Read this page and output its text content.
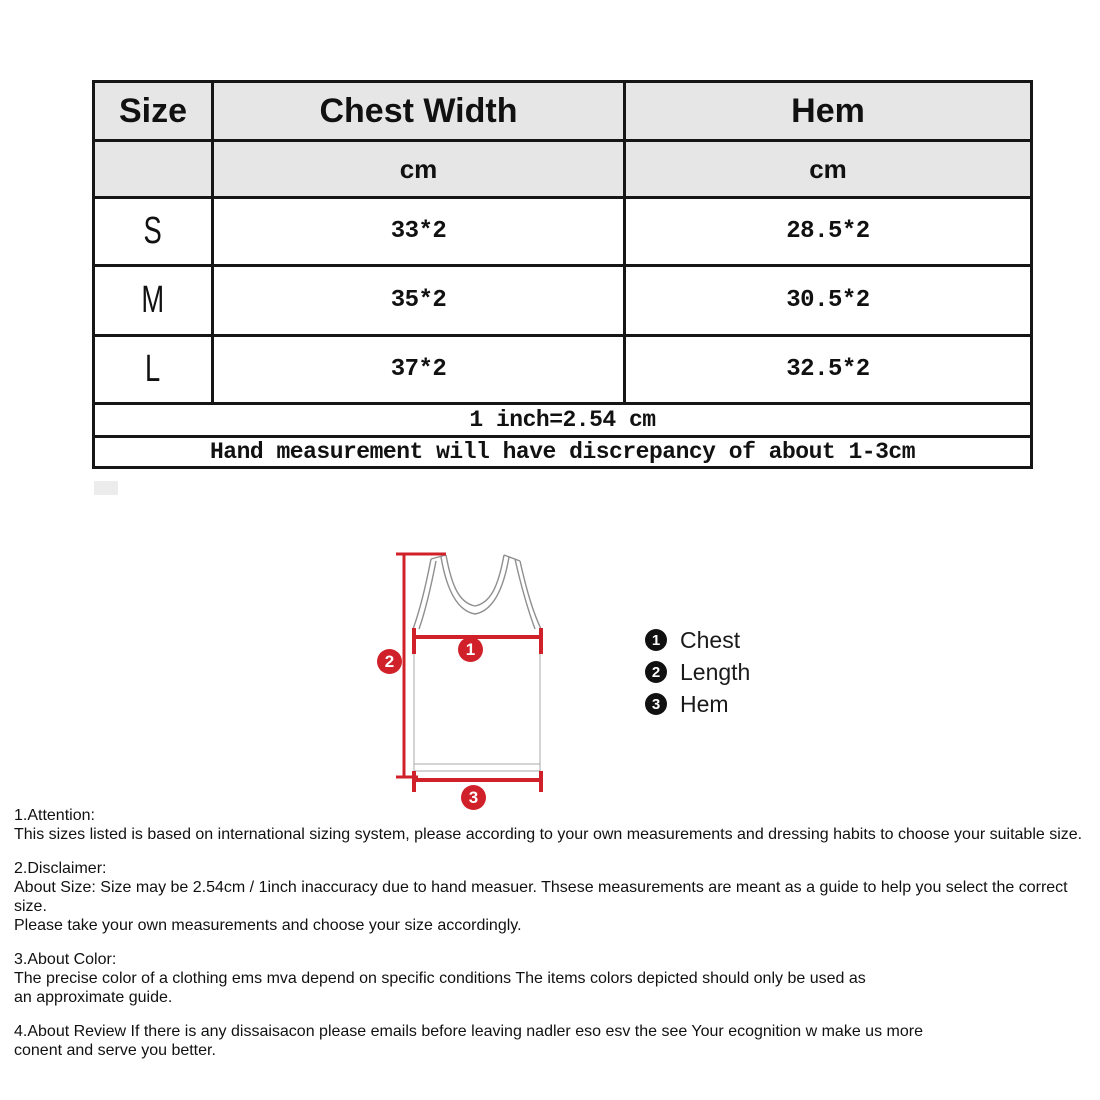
Size	Chest Width	Hem
	cm	cm
S	33*2	28.5*2
M	35*2	30.5*2
L	37*2	32.5*2
1 inch=2.54 cm		
Hand measurement will have discrepancy of about 1-3cm		
1
2
3
1 Chest
2 Length
3 Hem
1.Attention:
This sizes listed is based on international sizing system, please according to your own measurements and dressing habits to choose your suitable size.
2.Disclaimer:
About Size: Size may be 2.54cm / 1inch inaccuracy due to hand measuer. Thsese measurements are meant as a guide to help you select the correct size.
Please take your own measurements and choose your size accordingly.
3.About Color:
The precise color of a clothing ems mva depend on specific conditions The items colors depicted should only be used as
an approximate guide.
4.About Review If there is any dissaisacon please emails before leaving nadler eso esv the see Your ecognition w make us more
conent and serve you better.
